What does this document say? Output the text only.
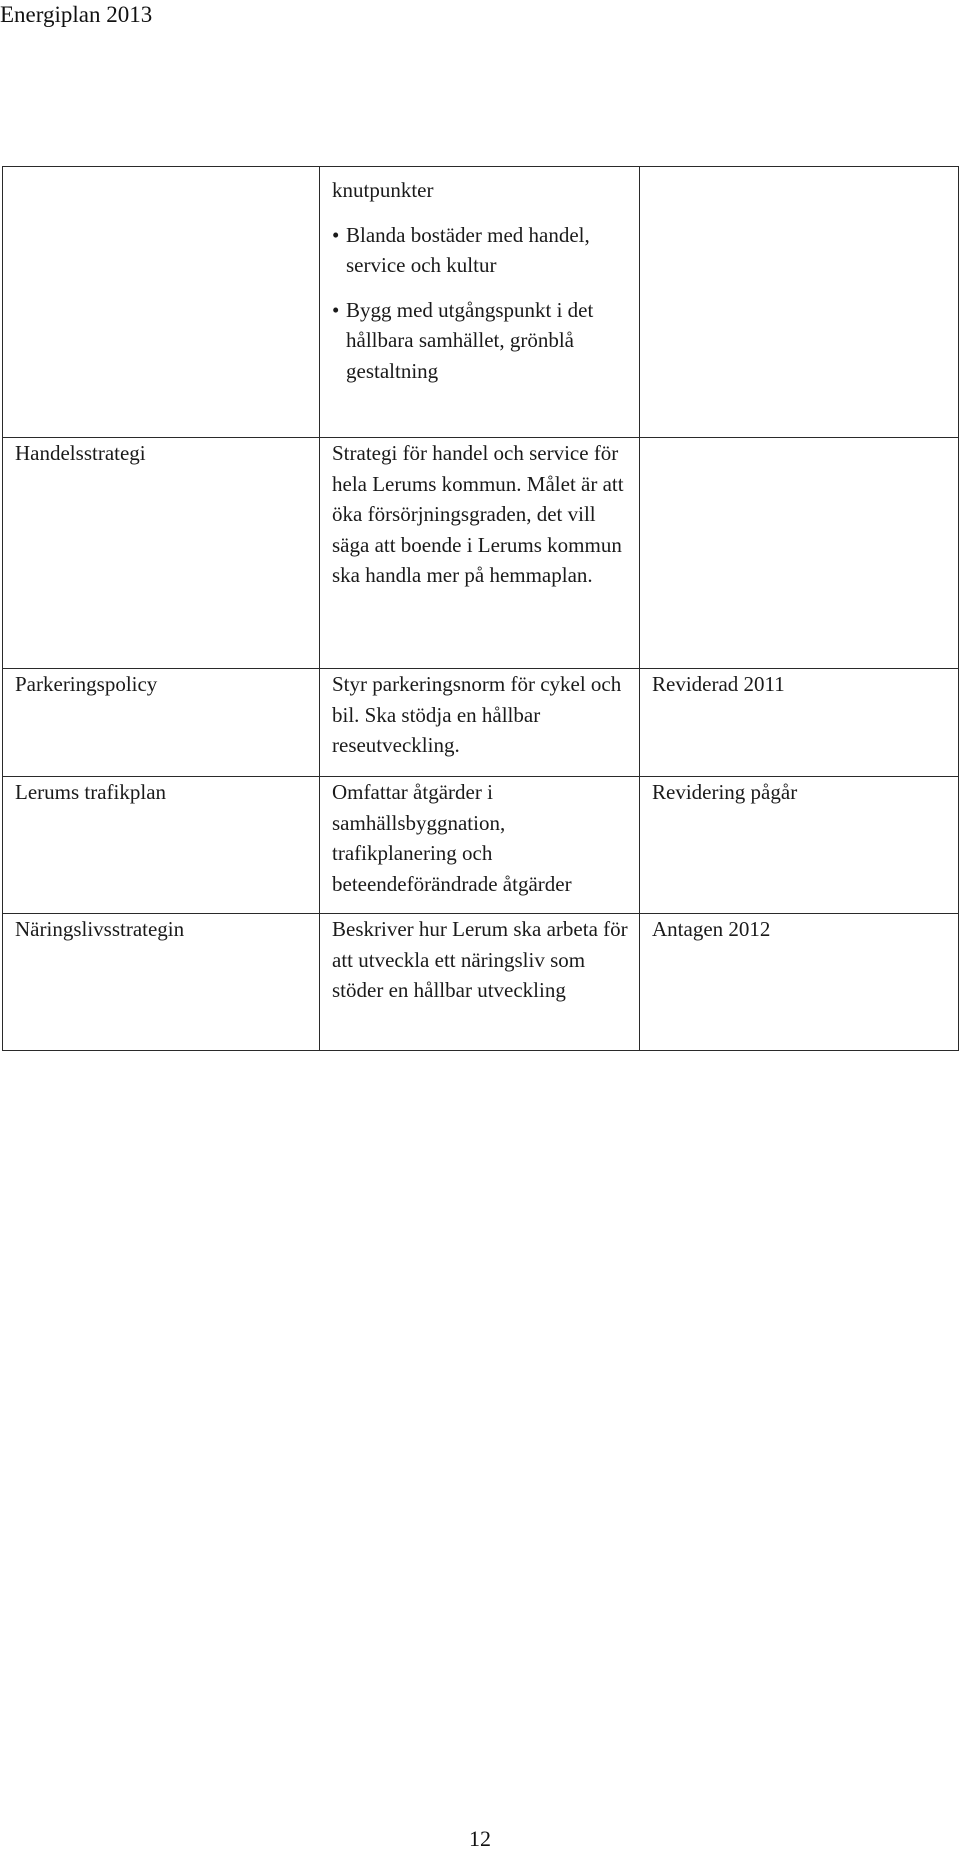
Energiplan 2013

	knutpunkter

• Blanda bostäder med handel, service och kultur
• Bygg med utgångspunkt i det hållbara samhället, grönblå gestaltning	

Handelsstrategi	Strategi för handel och service för hela Lerums kommun. Målet är att öka försörjningsgraden, det vill säga att boende i Lerums kommun ska handla mer på hemmaplan.	

Parkeringspolicy	Styr parkeringsnorm för cykel och bil. Ska stödja en hållbar reseutveckling.	Reviderad 2011

Lerums trafikplan	Omfattar åtgärder i samhällsbyggnation, trafikplanering och beteendeförändrade åtgärder	Revidering pågår

Näringslivsstrategin	Beskriver hur Lerum ska arbeta för att utveckla ett näringsliv som stöder en hållbar utveckling	Antagen 2012
12
